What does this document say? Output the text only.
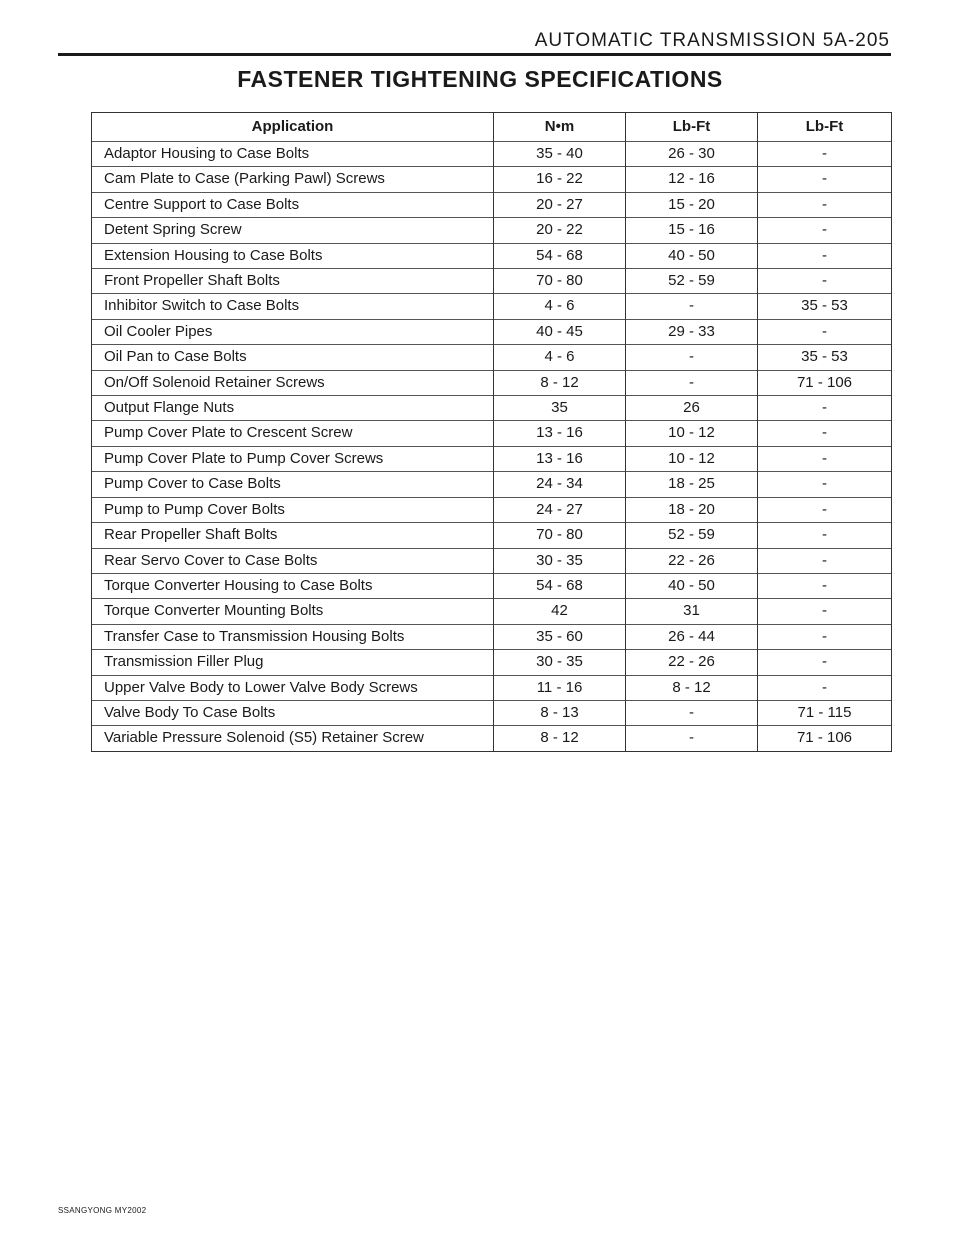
AUTOMATIC TRANSMISSION 5A-205
FASTENER TIGHTENING SPECIFICATIONS
Application	N•m	Lb-Ft	Lb-Ft
Adaptor Housing to Case Bolts	35 - 40	26 - 30	-
Cam Plate to Case (Parking Pawl) Screws	16 - 22	12 - 16	-
Centre Support to Case Bolts	20 - 27	15 - 20	-
Detent Spring Screw	20 - 22	15 - 16	-
Extension Housing to Case Bolts	54 - 68	40 - 50	-
Front Propeller Shaft Bolts	70 - 80	52 - 59	-
Inhibitor Switch to Case Bolts	4 - 6	-	35 - 53
Oil Cooler Pipes	40 - 45	29 - 33	-
Oil Pan to Case Bolts	4 - 6	-	35 - 53
On/Off Solenoid Retainer Screws	8 - 12	-	71 - 106
Output Flange Nuts	35	26	-
Pump Cover Plate to Crescent Screw	13 - 16	10 - 12	-
Pump Cover Plate to Pump Cover Screws	13 - 16	10 - 12	-
Pump Cover to Case Bolts	24 - 34	18 - 25	-
Pump to Pump Cover Bolts	24 - 27	18 - 20	-
Rear Propeller Shaft Bolts	70 - 80	52 - 59	-
Rear Servo Cover to Case Bolts	30 - 35	22 - 26	-
Torque Converter Housing to Case Bolts	54 - 68	40 - 50	-
Torque Converter Mounting Bolts	42	31	-
Transfer Case to Transmission Housing Bolts	35 - 60	26 - 44	-
Transmission Filler Plug	30 - 35	22 - 26	-
Upper Valve Body to Lower Valve Body Screws	11 - 16	8 - 12	-
Valve Body To Case Bolts	8 - 13	-	71 - 115
Variable Pressure Solenoid (S5) Retainer Screw	8 - 12	-	71 - 106
SSANGYONG MY2002
